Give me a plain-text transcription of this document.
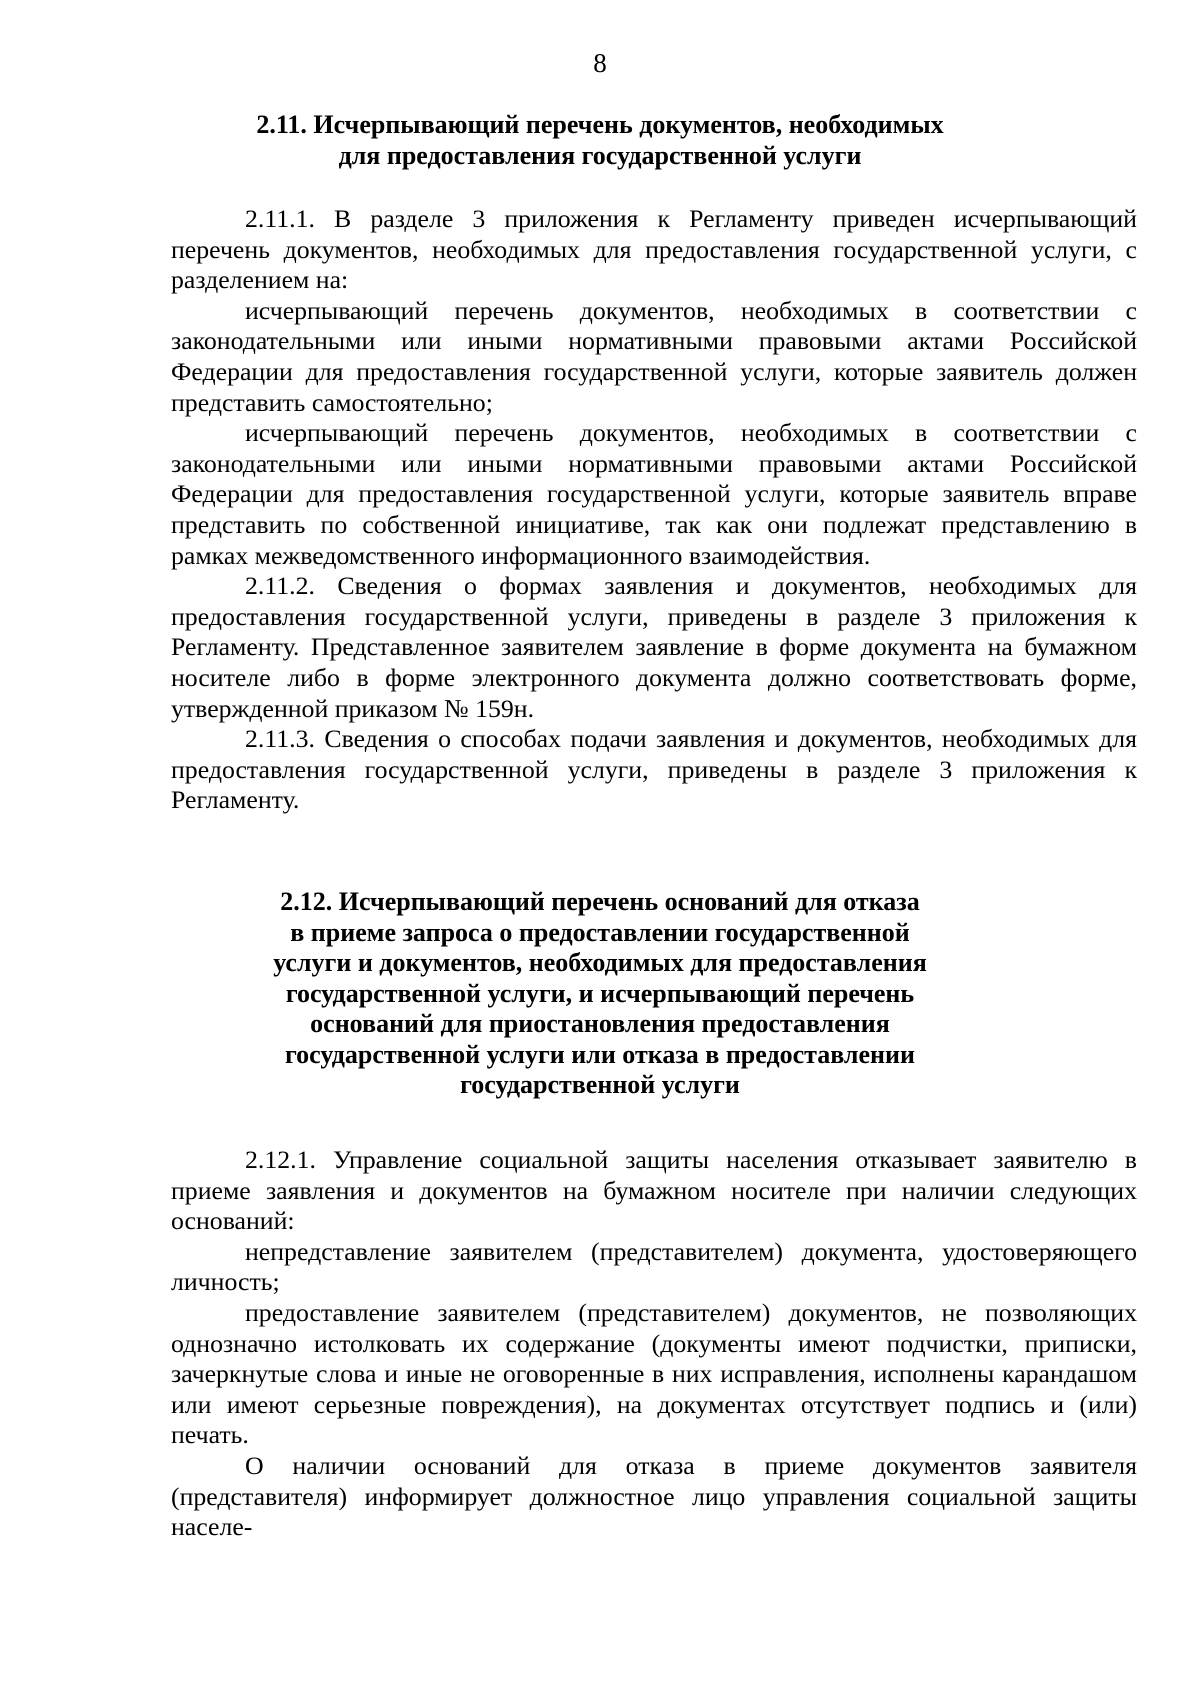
8
2.11. Исчерпывающий перечень документов, необходимых
для предоставления государственной услуги

2.11.1. В разделе 3 приложения к Регламенту приведен исчерпывающий перечень документов, необходимых для предоставления государственной услуги, с разделением на:

исчерпывающий перечень документов, необходимых в соответствии с законодательными или иными нормативными правовыми актами Российской Федерации для предоставления государственной услуги, которые заявитель должен представить самостоятельно;

исчерпывающий перечень документов, необходимых в соответствии с законодательными или иными нормативными правовыми актами Российской Федерации для предоставления государственной услуги, которые заявитель вправе представить по собственной инициативе, так как они подлежат представлению в рамках межведомственного информационного взаимодействия.

2.11.2. Сведения о формах заявления и документов, необходимых для предоставления государственной услуги, приведены в разделе 3 приложения к Регламенту. Представленное заявителем заявление в форме документа на бумажном носителе либо в форме электронного документа должно соответствовать форме, утвержденной приказом № 159н.

2.11.3. Сведения о способах подачи заявления и документов, необходимых для предоставления государственной услуги, приведены в разделе 3 приложения к Регламенту.

2.12. Исчерпывающий перечень оснований для отказа
в приеме запроса о предоставлении государственной
услуги и документов, необходимых для предоставления
государственной услуги, и исчерпывающий перечень
оснований для приостановления предоставления
государственной услуги или отказа в предоставлении
государственной услуги

2.12.1. Управление социальной защиты населения отказывает заявителю в приеме заявления и документов на бумажном носителе при наличии следующих оснований:

непредставление заявителем (представителем) документа, удостоверяющего личность;

предоставление заявителем (представителем) документов, не позволяющих однозначно истолковать их содержание (документы имеют подчистки, приписки, зачеркнутые слова и иные не оговоренные в них исправления, исполнены карандашом или имеют серьезные повреждения), на документах отсутствует подпись и (или) печать.

О наличии оснований для отказа в приеме документов заявителя (представителя) информирует должностное лицо управления социальной защиты населе-
